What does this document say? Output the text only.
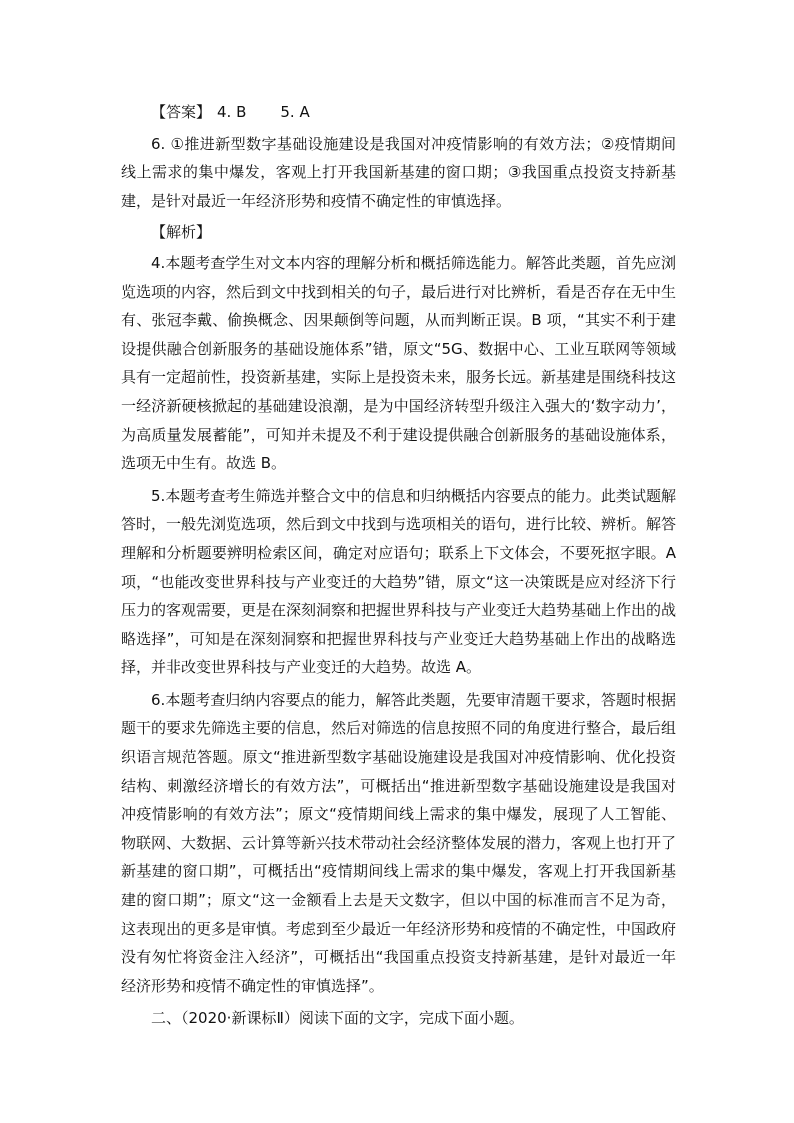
【答案】 4. B 5. A

6. ①推进新型数字基础设施建设是我国对冲疫情影响的有效方法；②疫情期间线上需求的集中爆发，客观上打开我国新基建的窗口期；③我国重点投资支持新基建，是针对最近一年经济形势和疫情不确定性的审慎选择。

【解析】

4.本题考查学生对文本内容的理解分析和概括筛选能力。解答此类题，首先应浏览选项的内容，然后到文中找到相关的句子，最后进行对比辨析，看是否存在无中生有、张冠李戴、偷换概念、因果颠倒等问题，从而判断正误。B 项，“其实不利于建设提供融合创新服务的基础设施体系”错，原文“5G、数据中心、工业互联网等领域具有一定超前性，投资新基建，实际上是投资未来，服务长远。新基建是围绕科技这一经济新硬核掀起的基础建设浪潮，是为中国经济转型升级注入强大的‘数字动力’，为高质量发展蓄能”，可知并未提及不利于建设提供融合创新服务的基础设施体系，选项无中生有。故选 B。

5.本题考查考生筛选并整合文中的信息和归纳概括内容要点的能力。此类试题解答时，一般先浏览选项，然后到文中找到与选项相关的语句，进行比较、辨析。解答理解和分析题要辨明检索区间，确定对应语句；联系上下文体会，不要死抠字眼。A 项，“也能改变世界科技与产业变迁的大趋势”错，原文“这一决策既是应对经济下行压力的客观需要，更是在深刻洞察和把握世界科技与产业变迁大趋势基础上作出的战略选择”，可知是在深刻洞察和把握世界科技与产业变迁大趋势基础上作出的战略选择，并非改变世界科技与产业变迁的大趋势。故选 A。

6.本题考查归纳内容要点的能力，解答此类题，先要审清题干要求，答题时根据题干的要求先筛选主要的信息，然后对筛选的信息按照不同的角度进行整合，最后组织语言规范答题。原文“推进新型数字基础设施建设是我国对冲疫情影响、优化投资结构、刺激经济增长的有效方法”，可概括出“推进新型数字基础设施建设是我国对冲疫情影响的有效方法”；原文“疫情期间线上需求的集中爆发，展现了人工智能、物联网、大数据、云计算等新兴技术带动社会经济整体发展的潜力，客观上也打开了新基建的窗口期”，可概括出“疫情期间线上需求的集中爆发，客观上打开我国新基建的窗口期”；原文“这一金额看上去是天文数字，但以中国的标准而言不足为奇，这表现出的更多是审慎。考虑到至少最近一年经济形势和疫情的不确定性，中国政府没有匆忙将资金注入经济”，可概括出“我国重点投资支持新基建，是针对最近一年经济形势和疫情不确定性的审慎选择”。

二、（2020·新课标Ⅱ）阅读下面的文字，完成下面小题。
